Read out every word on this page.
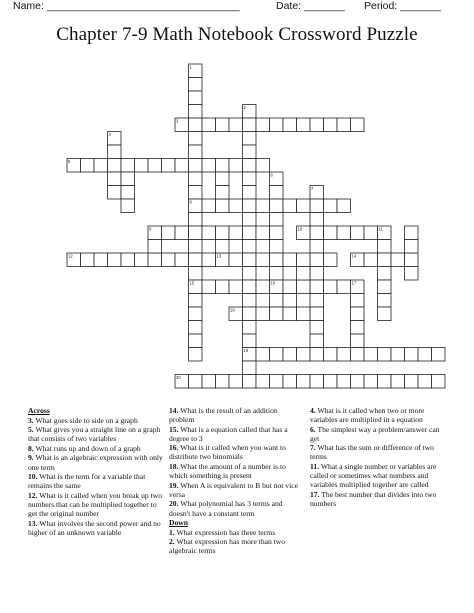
Name: _________________________________	Date: _______ Period: _______
Chapter 7-9 Math Notebook Crossword Puzzle
1
2
3
4
5
6
7
8
9	10	11
12	13	14
15	16	17
18
19
20

Across

3. What goes side to side on a graph

5. What gives you a straight line on a graph that consists of two variables

8. What runs up and down of a graph

9. What is an algebraic expression with only one term

10. What is the term for a variable that remains the same

12. What is it called when you break up two numbers that can be multiplied together to get the original number

13. What involves the second power and no higher of an unknown variable

14. What is the result of an addition problem

15. What is a equation called that has a degree to 3

16. What is it called when you want to distribute two binomials

18. What the amount of a number is to which something is present

19. When A is equivalent to B but not vice versa

20. What polynomial has 3 terms and doesn't have a constant term

Down

1. What expression has three terms

2. What expression has more than two algebraic terms

4. What is it called when two or more variables are multiplied in a equation

6. The simplest way a problem/answer can get

7. What has the sum or difference of two terms

11. What a single number or variables are called or sometimes what numbers and variables multiplied together are called

17. The best number that divides into two numbers
